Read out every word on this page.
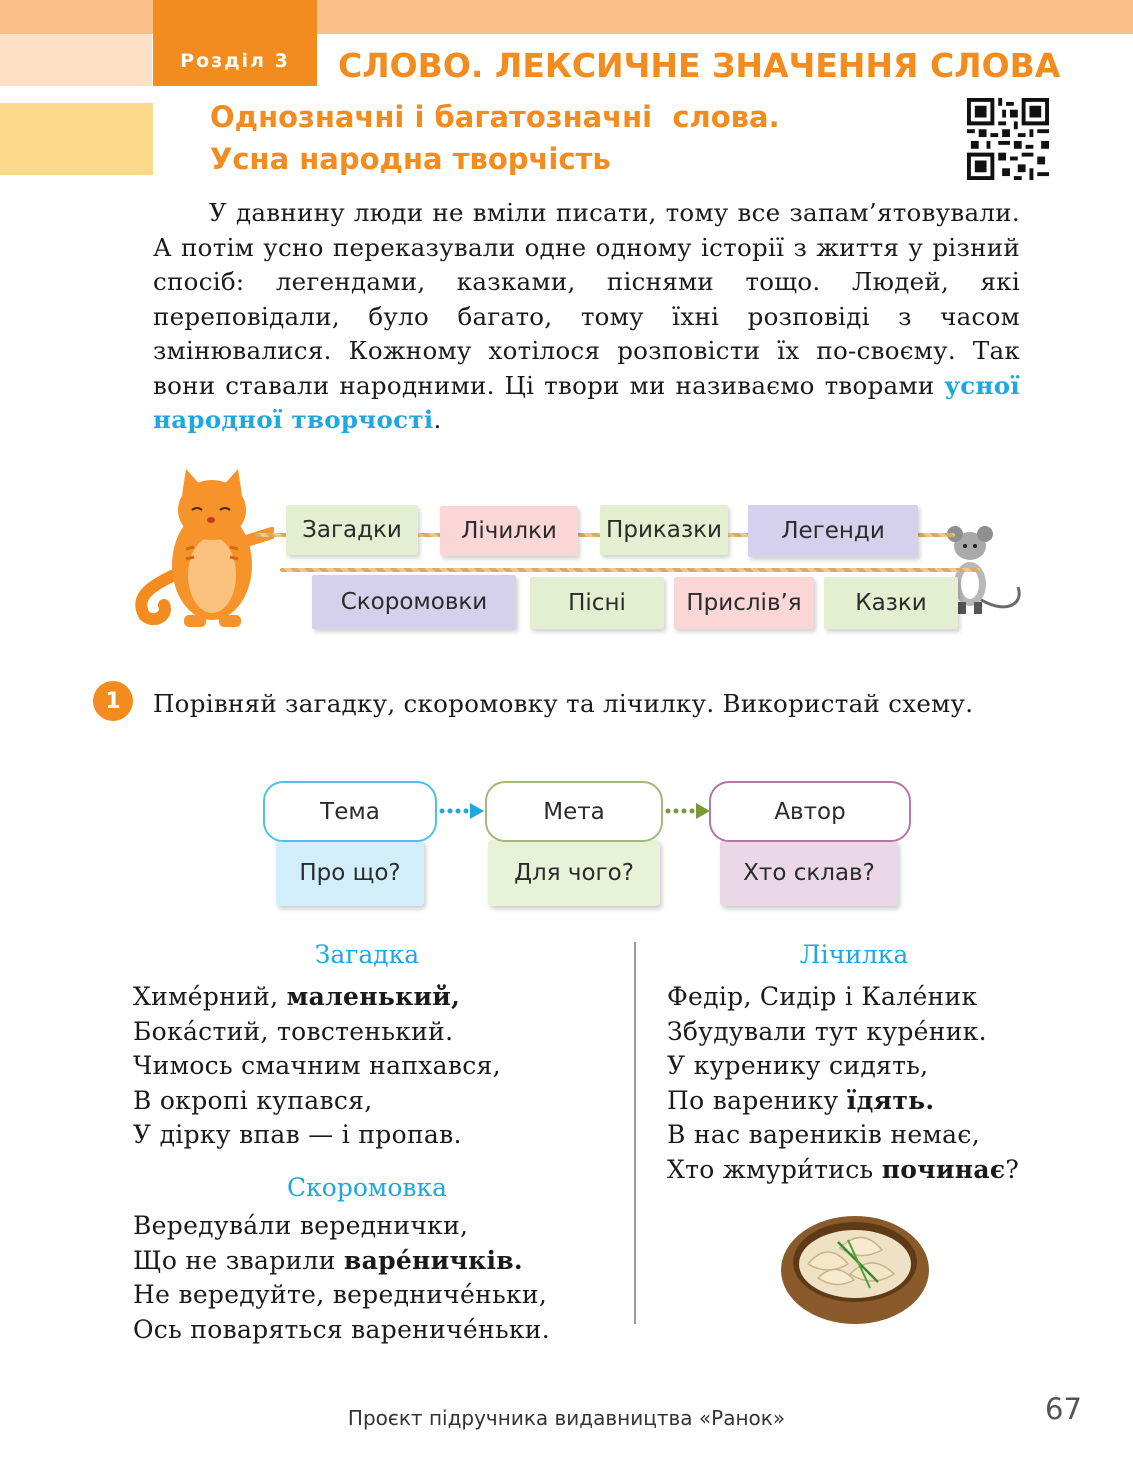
Розділ 3	СЛОВО. ЛЕКСИЧНЕ ЗНАЧЕННЯ СЛОВА
Однозначні і багатозначні  слова.
Усна народна творчість
У давнину люди не вміли писати, тому все запам’ятовували. А потім усно переказували одне одному історії з життя у різний спосіб: легендами, казками, піснями тощо. Людей, які переповідали, було багато, тому їхні розповіді з часом змінювалися. Кожному хотілося розповісти їх по-своєму. Так вони ставали народними. Ці твори ми називаємо творами усної народної творчості.
Загадки	Лічилки	Приказки	Легенди
Скоромовки	Пісні	Прислів’я	Казки
1	Порівняй загадку, скоромовку та лічилку. Використай схему.
Про що?	Для чого?	Хто склав?
Тема	Мета	Автор
Загадка
Химе́рний, маленький,
Бока́стий, товстенький.
Чимось смачним напхався,
В окропі купався,
У дірку впав — і пропав.
Скоромовка
Вередува́ли вереднички,
Що не зварили варе́ничків.
Не вередуйте, вередниче́ньки,
Ось поваряться варениче́ньки.
Лічилка
Федір, Сидір і Кале́ник
Збудували тут куре́ник.
У куренику сидять,
По варенику їдять.
В нас вареників немає,
Хто жмури́тись починає?
Проєкт підручника видавництва «Ранок»	67
